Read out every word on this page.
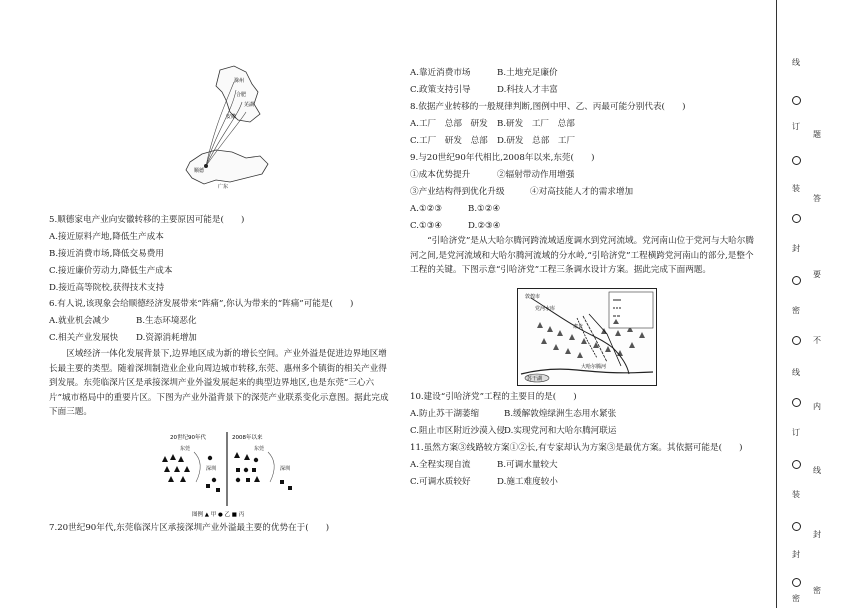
滁州
合肥
芜湖
安徽
顺德
广东
5.顺德家电产业向安徽转移的主要原因可能是(　　)
A.接近原料产地,降低生产成本
B.接近消费市场,降低交易费用
C.接近廉价劳动力,降低生产成本
D.接近高等院校,获得技术支持
6.有人说,该现象会给顺德经济发展带来“阵痛”,你认为带来的“阵痛”可能是(　　)
A.就业机会减少	B.生态环境恶化
C.相关产业发展快 D.资源消耗增加
区域经济一体化发展背景下,边界地区成为新的增长空间。产业外溢是促进边界地区增长最主要的类型。随着深圳制造业企业向周边城市转移,东莞、惠州多个镇街的相关产业得到发展。东莞临深片区是承接深圳产业外溢发展起来的典型边界地区,也是东莞“三心六片”城市格局中的重要片区。下图为产业外溢背景下的深莞产业联系变化示意图。据此完成下面三题。
20世纪90年代	2008年以来
东莞	东莞
深圳	深圳
图例 ▲ 甲 ● 乙 ■ 丙
7.20世纪90年代,东莞临深片区承接深圳产业外溢最主要的优势在于(　　)
A.靠近消费市场	B.土地充足廉价
C.政策支持引导	D.科技人才丰富
8.依据产业转移的一般规律判断,图例中甲、乙、丙最可能分别代表(　　)
A.工厂　总部　研发 B.研发　工厂　总部
C.工厂　研发　总部 D.研发　总部　工厂
9.与20世纪90年代相比,2008年以来,东莞(　　)
①成本优势提升	②辐射带动作用增强
③产业结构得到优化升级	④对高技能人才的需求增加
A.①②③	B.①②④
C.①③④	D.②③④
“引哈济党”是从大哈尔腾河跨流域适度调水到党河流域。党河南山位于党河与大哈尔腾河之间,是党河流域和大哈尔腾河流域的分水岭,“引哈济党”工程横跨党河南山的部分,是整个工程的关键。下图示意“引哈济党”工程三条调水设计方案。据此完成下面两题。
敦煌市
党河水库
肃北
大哈尔腾河
苏干湖
10.建设“引哈济党”工程的主要目的是(　　)
A.防止苏干湖萎缩	B.缓解敦煌绿洲生态用水紧张
C.阻止市区附近沙漠入侵 D.实现党河和大哈尔腾河联运
11.虽然方案③线路较方案①②长,有专家却认为方案③是最优方案。其依据可能是(　　)
A.全程实现自流	B.可调水量较大
C.可调水质较好	D.施工难度较小
线
订
装
封
密
线
订
装
封
密
题
答
要
不
内
线
封
密
